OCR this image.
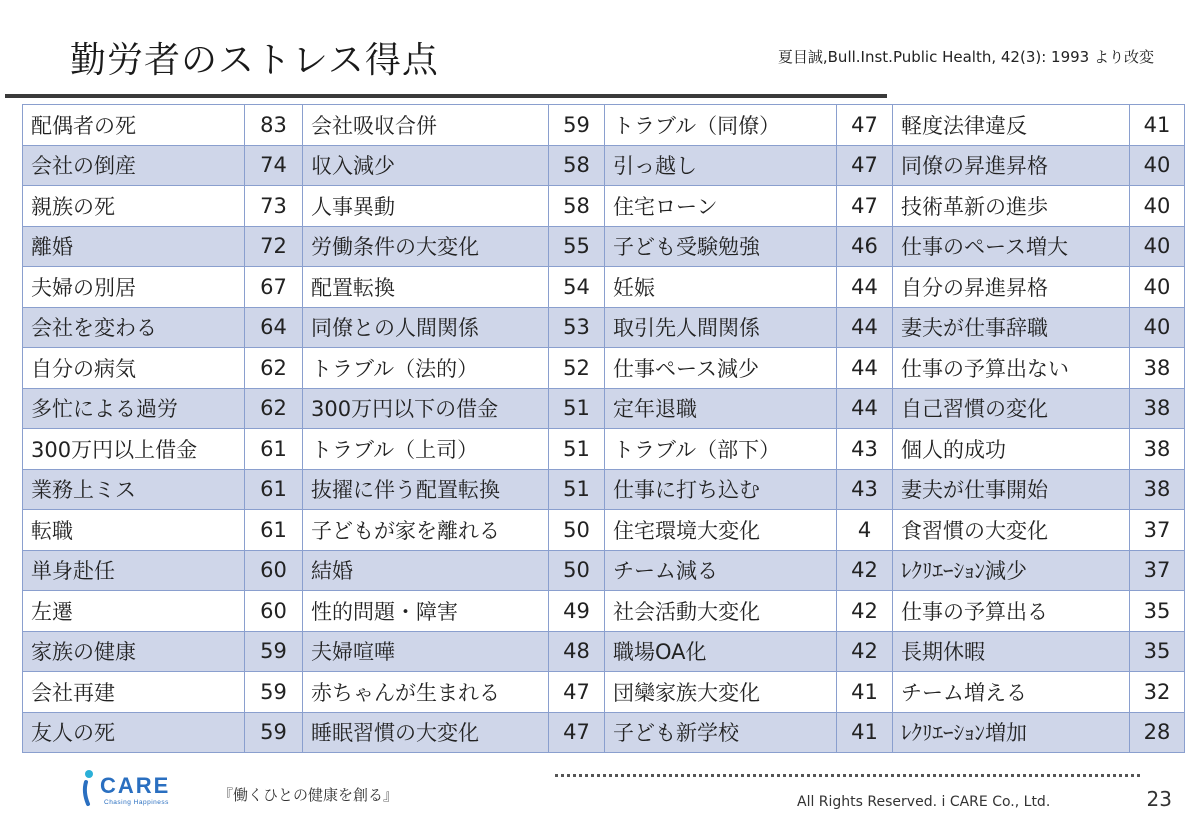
勤労者のストレス得点	夏目誠,Bull.Inst.Public Health, 42(3): 1993 より改変
配偶者の死	83	会社吸収合併	59	トラブル（同僚）	47	軽度法律違反	41
会社の倒産	74	収入減少	58	引っ越し	47	同僚の昇進昇格	40
親族の死	73	人事異動	58	住宅ローン	47	技術革新の進歩	40
離婚	72	労働条件の大変化	55	子ども受験勉強	46	仕事のペース増大	40
夫婦の別居	67	配置転換	54	妊娠	44	自分の昇進昇格	40
会社を変わる	64	同僚との人間関係	53	取引先人間関係	44	妻夫が仕事辞職	40
自分の病気	62	トラブル（法的）	52	仕事ペース減少	44	仕事の予算出ない	38
多忙による過労	62	300万円以下の借金	51	定年退職	44	自己習慣の変化	38
300万円以上借金	61	トラブル（上司）	51	トラブル（部下）	43	個人的成功	38
業務上ミス	61	抜擢に伴う配置転換	51	仕事に打ち込む	43	妻夫が仕事開始	38
転職	61	子どもが家を離れる	50	住宅環境大変化	4	食習慣の大変化	37
単身赴任	60	結婚	50	チーム減る	42	ﾚｸﾘｴｰｼｮﾝ減少	37
左遷	60	性的問題・障害	49	社会活動大変化	42	仕事の予算出る	35
家族の健康	59	夫婦喧嘩	48	職場OA化	42	長期休暇	35
会社再建	59	赤ちゃんが生まれる	47	団欒家族大変化	41	チーム増える	32
友人の死	59	睡眠習慣の大変化	47	子ども新学校	41	ﾚｸﾘｴｰｼｮﾝ増加	28
CARE
Chasing Happiness	『働くひとの健康を創る』	All Rights Reserved. i CARE Co., Ltd.	23
